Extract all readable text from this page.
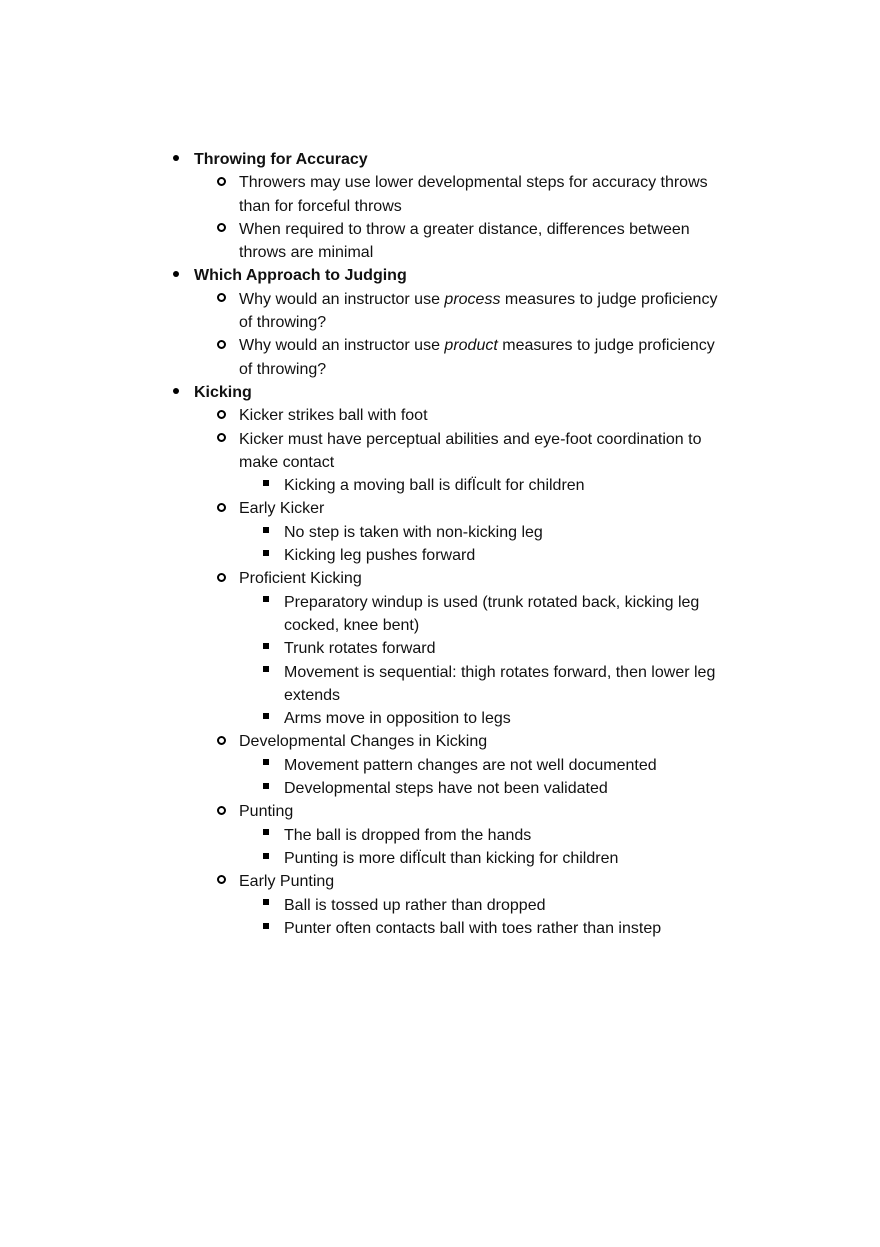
Throwing for Accuracy
Throwers may use lower developmental steps for accuracy throws than for forceful throws
When required to throw a greater distance, differences between throws are minimal
Which Approach to Judging
Why would an instructor use process measures to judge proficiency of throwing?
Why would an instructor use product measures to judge proficiency of throwing?
Kicking
Kicker strikes ball with foot
Kicker must have perceptual abilities and eye-foot coordination to make contact
Kicking a moving ball is difÏcult for children
Early Kicker
No step is taken with non-kicking leg
Kicking leg pushes forward
Proficient Kicking
Preparatory windup is used (trunk rotated back, kicking leg cocked, knee bent)
Trunk rotates forward
Movement is sequential: thigh rotates forward, then lower leg extends
Arms move in opposition to legs
Developmental Changes in Kicking
Movement pattern changes are not well documented
Developmental steps have not been validated
Punting
The ball is dropped from the hands
Punting is more difÏcult than kicking for children
Early Punting
Ball is tossed up rather than dropped
Punter often contacts ball with toes rather than instep
